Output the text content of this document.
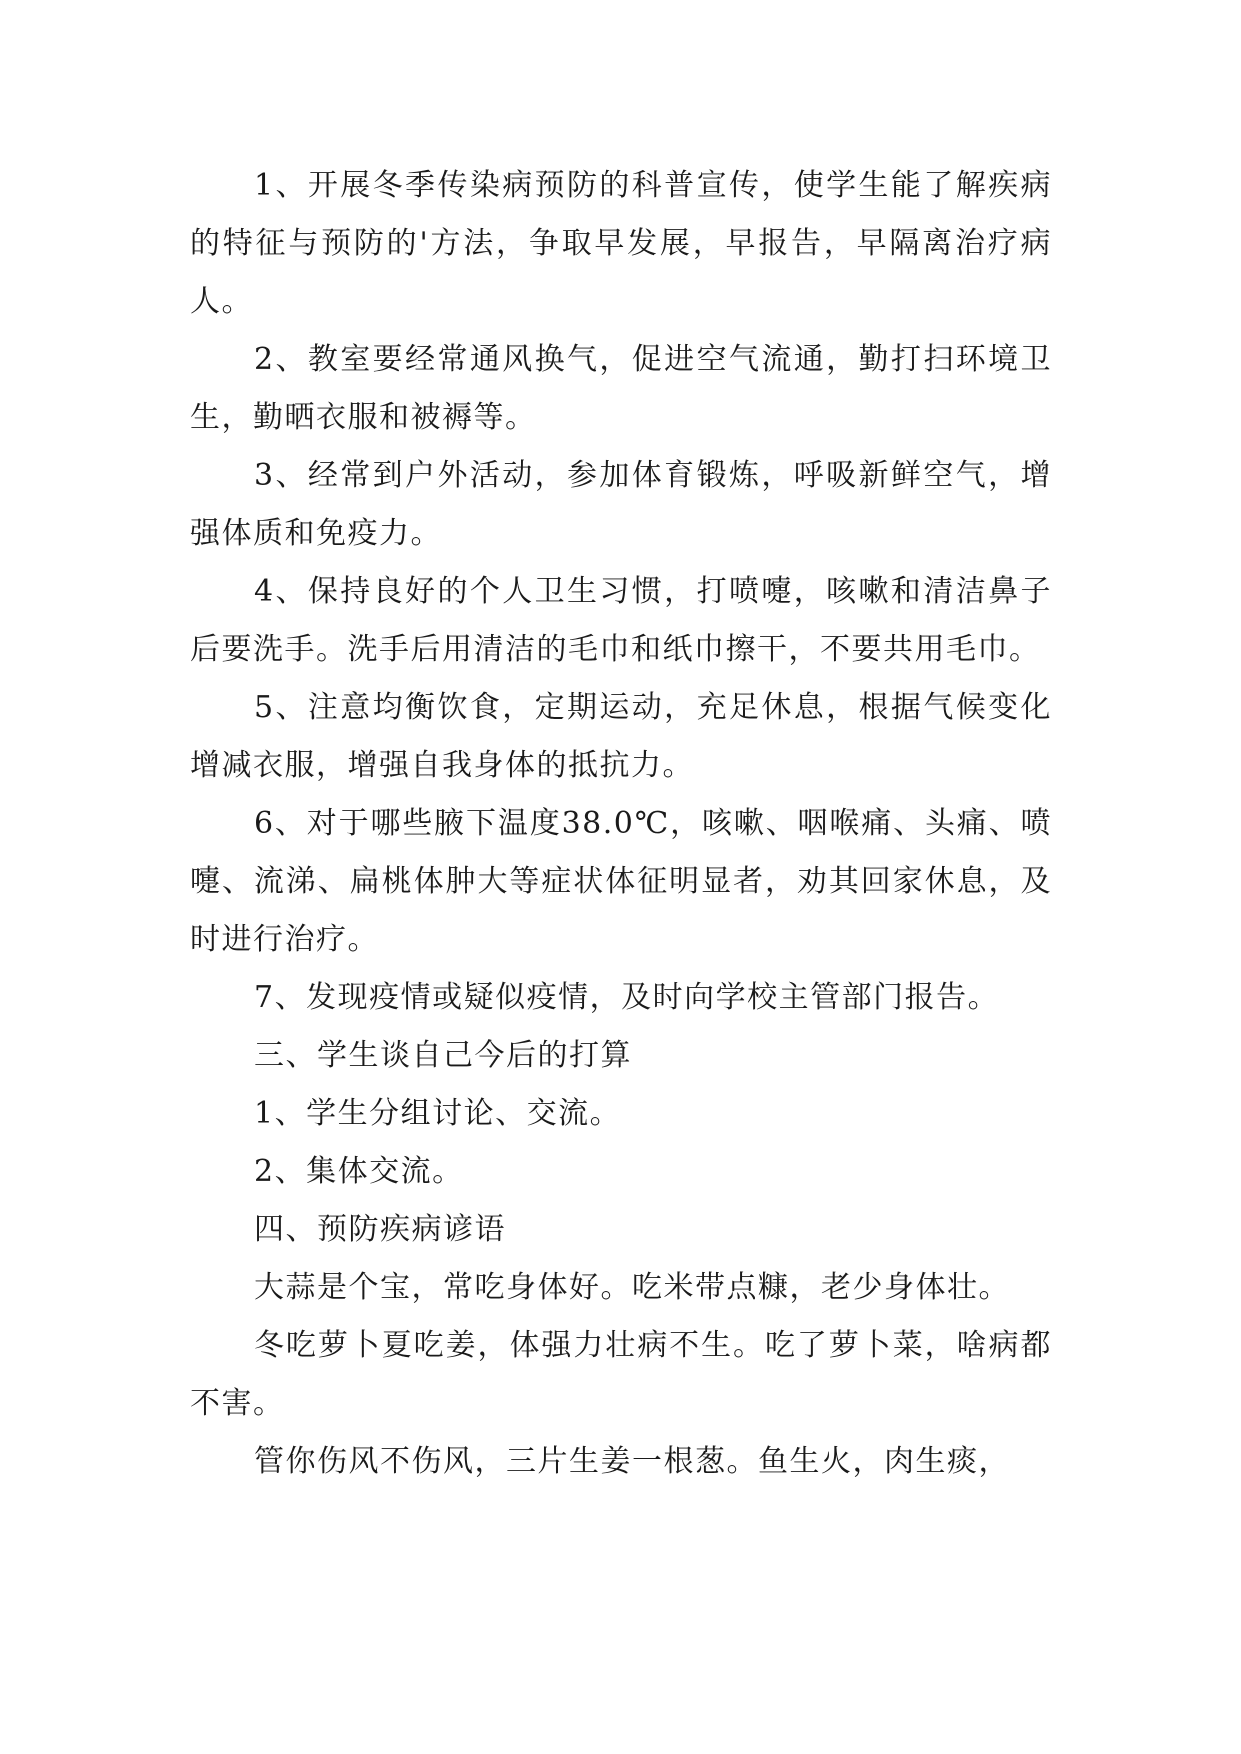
1、开展冬季传染病预防的科普宣传，使学生能了解疾病的特征与预防的'方法，争取早发展，早报告，早隔离治疗病人。

2、教室要经常通风换气，促进空气流通，勤打扫环境卫生，勤晒衣服和被褥等。

3、经常到户外活动，参加体育锻炼，呼吸新鲜空气，增强体质和免疫力。

4、保持良好的个人卫生习惯，打喷嚏，咳嗽和清洁鼻子后要洗手。洗手后用清洁的毛巾和纸巾擦干，不要共用毛巾。

5、注意均衡饮食，定期运动，充足休息，根据气候变化增减衣服，增强自我身体的抵抗力。

6、对于哪些腋下温度38.0℃，咳嗽、咽喉痛、头痛、喷嚏、流涕、扁桃体肿大等症状体征明显者，劝其回家休息，及时进行治疗。

7、发现疫情或疑似疫情，及时向学校主管部门报告。

三、学生谈自己今后的打算

1、学生分组讨论、交流。

2、集体交流。

四、预防疾病谚语

大蒜是个宝，常吃身体好。吃米带点糠，老少身体壮。

冬吃萝卜夏吃姜，体强力壮病不生。吃了萝卜菜，啥病都不害。

管你伤风不伤风，三片生姜一根葱。鱼生火，肉生痰，
